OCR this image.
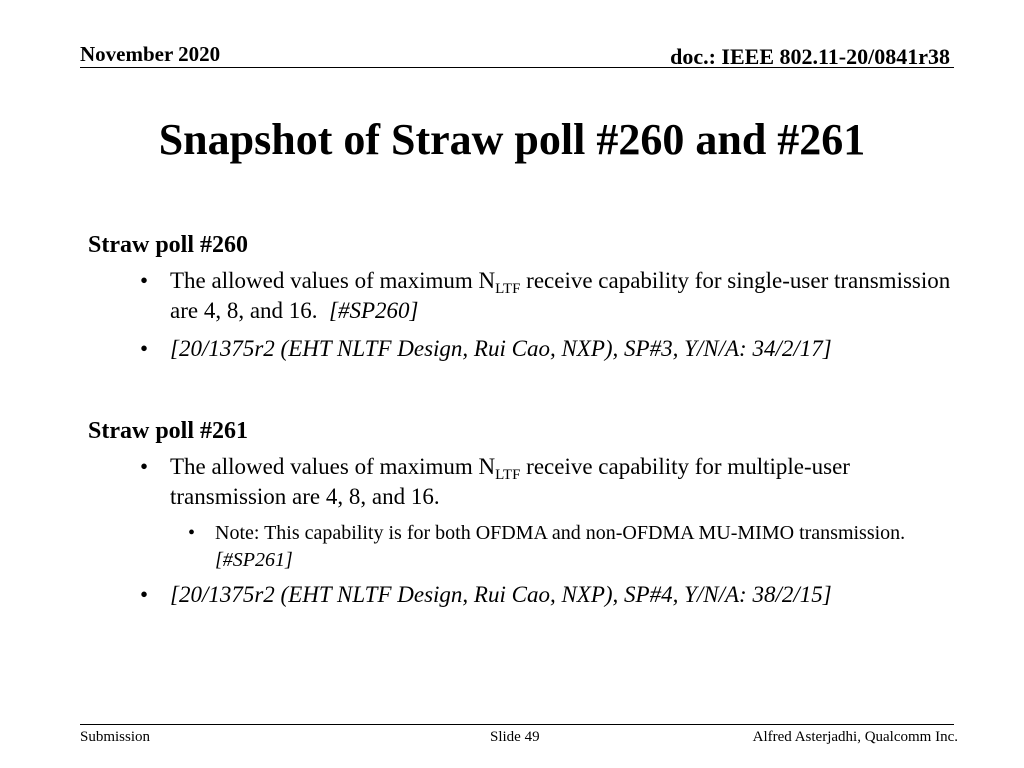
November 2020	doc.: IEEE 802.11-20/0841r38
Snapshot of Straw poll #260 and #261
Straw poll #260
• The allowed values of maximum $N_{LTF}$ receive capability for single-user transmission are 4, 8, and 16. [#SP260]
• [20/1375r2 (EHT NLTF Design, Rui Cao, NXP), SP#3, Y/N/A: 34/2/17]
Straw poll #261
• The allowed values of maximum $N_{LTF}$ receive capability for multiple-user transmission are 4, 8, and 16.
• Note: This capability is for both OFDMA and non-OFDMA MU-MIMO transmission.  [#SP261]
• [20/1375r2 (EHT NLTF Design, Rui Cao, NXP), SP#4, Y/N/A: 38/2/15]
Submission	Slide 49	Alfred Asterjadhi, Qualcomm Inc.
